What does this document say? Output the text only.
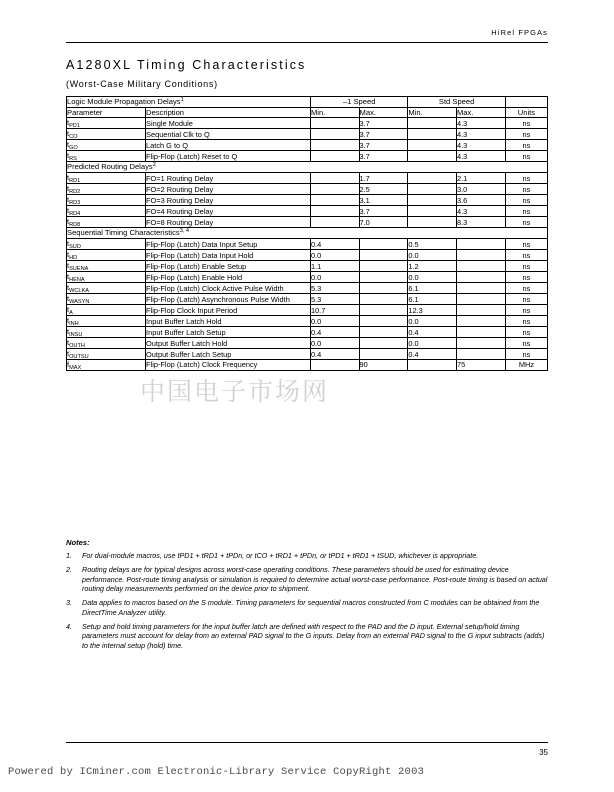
HiRel FPGAs
A1280XL Timing Characteristics
(Worst-Case Military Conditions)
中国电子市场网
Logic Module Propagation Delays$^1$		–1 Speed		Std Speed		
Parameter	Description	Min.	Max.	Min.	Max.	Units
$t_{PD1}$	Single Module		3.7		4.3	ns
$t_{CO}$	Sequential Clk to Q		3.7		4.3	ns
$t_{GO}$	Latch G to Q		3.7		4.3	ns
$t_{RS}$	Flip-Flop (Latch) Reset to Q		3.7		4.3	ns
Predicted Routing Delays$^2$
$t_{RD1}$	FO=1 Routing Delay		1.7		2.1	ns
$t_{RD2}$	FO=2 Routing Delay		2.5		3.0	ns
$t_{RD3}$	FO=3 Routing Delay		3.1		3.6	ns
$t_{RD4}$	FO=4 Routing Delay		3.7		4.3	ns
$t_{RD8}$	FO=8 Routing Delay		7.0		8.3	ns
Sequential Timing Characteristics$^{3, 4}$
$t_{SUD}$	Flip-Flop (Latch) Data Input Setup	0.4		0.5		ns
$t_{HD}$	Flip-Flop (Latch) Data Input Hold	0.0		0.0		ns
$t_{SUENA}$	Flip-Flop (Latch) Enable Setup	1.1		1.2		ns
$t_{HENA}$	Flip-Flop (Latch) Enable Hold	0.0		0.0		ns
$t_{WCLKA}$	Flip-Flop (Latch) Clock Active Pulse Width	5.3		6.1		ns
$t_{WASYN}$	Flip-Flop (Latch) Asynchronous Pulse Width	5.3		6.1		ns
$t_A$	Flip-Flop Clock Input Period	10.7		12.3		ns
$t_{INH}$	Input Buffer Latch Hold	0.0		0.0		ns
$t_{INSU}$	Input Buffer Latch Setup	0.4		0.4		ns
$t_{OUTH}$	Output Buffer Latch Hold	0.0		0.0		ns
$t_{OUTSU}$	Output Buffer Latch Setup	0.4		0.4		ns
$f_{MAX}$	Flip-Flop (Latch) Clock Frequency		90		75	MHz
Notes:
1.	For dual-module macros, use tPD1 + tRD1 + tPDn, or tCO + tRD1 + tPDn, or tPD1 + tRD1 + tSUD, whichever is appropriate.
2.	Routing delays are for typical designs across worst-case operating conditions. These parameters should be used for estimating device performance. Post-route timing analysis or simulation is required to determine actual worst-case performance. Post-route timing is based on actual routing delay measurements performed on the device prior to shipment.
3.	Data applies to macros based on the S module. Timing parameters for sequential macros constructed from C modules can be obtained from the DirectTime Analyzer utility.
4.	Setup and hold timing parameters for the input buffer latch are defined with respect to the PAD and the D input. External setup/hold timing parameters must account for delay from an external PAD signal to the G inputs. Delay from an external PAD signal to the G input subtracts (adds) to the internal setup (hold) time.
35
Powered by ICminer.com Electronic-Library Service CopyRight 2003
